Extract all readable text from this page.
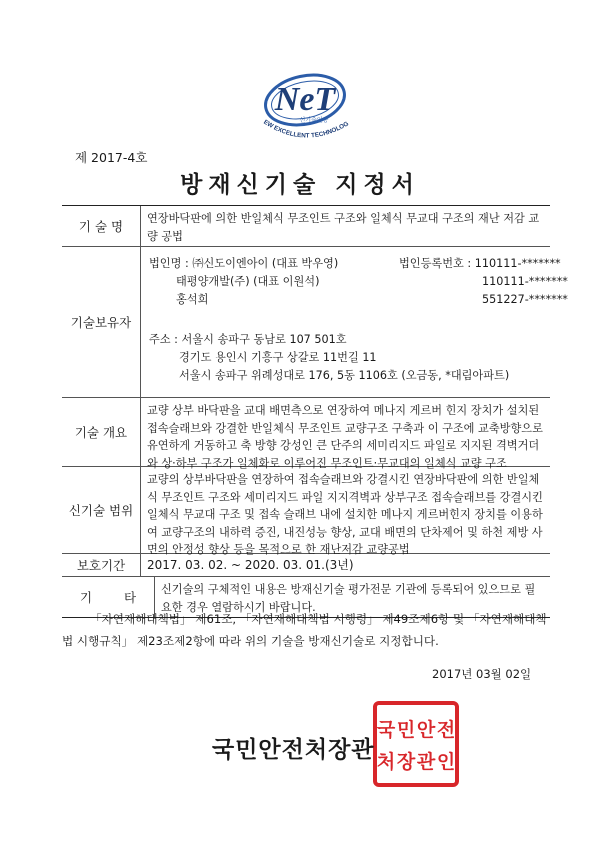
NeT
신기술인증
EW EXCELLENT TECHNOLOG
제 2017-4호
방재신기술 지정서
기 술 명
연장바닥판에 의한 반일체식 무조인트 구조와 일체식 무교대 구조의 재난 저감 교량 공법
기술보유자
법인명 : ㈜신도이엔아이 (대표 박우영)
태평양개발(주) (대표 이원석)
홍석희
법인등록번호 : 110111-*******
110111-*******
551227-*******
주소 : 서울시 송파구 동남로 107 501호
경기도 용인시 기흥구 상갈로 11번길 11
서울시 송파구 위례성대로 176, 5동 1106호 (오금동, *대림아파트)
기술 개요
교량 상부 바닥판을 교대 배면측으로 연장하여 메나지 게르버 힌지 장치가 설치된 접속슬래브와 강결한 반일체식 무조인트 교량구조 구축과 이 구조에 교축방향으로 유연하게 거동하고 축 방향 강성인 큰 단주의 세미리지드 파일로 지지된 격벽거더와 상·하부 구조가 일체화로 이루어진 무조인트·무교대의 일체식 교량 구조
신기술 범위
교량의 상부바닥판을 연장하여 접속슬래브와 강결시킨 연장바닥판에 의한 반일체식 무조인트 구조와 세미리지드 파일 지지격벽과 상부구조 접속슬래브를 강결시킨 일체식 무교대 구조 및 접속 슬래브 내에 설치한 메나지 게르버힌지 장치를 이용하여 교량구조의 내하력 증진, 내진성능 향상, 교대 배면의 단차제어 및 하천 제방 사면의 안정성 향상 등을 목적으로 한 재난저감 교량공법
보호기간	2017. 03. 02. ~ 2020. 03. 01.(3년)
기 타
신기술의 구체적인 내용은 방재신기술 평가전문 기관에 등록되어 있으므로 필요한 경우 열람하시기 바랍니다.
「자연재해대책법」 제61조, 「자연재해대책법 시행령」 제49조제6항 및 「자연재해대책법 시행규칙」 제23조제2항에 따라 위의 기술을 방재신기술로 지정합니다.
2017년 03월 02일
국 민 안 전
처 장 관 인
국민안전처장관
